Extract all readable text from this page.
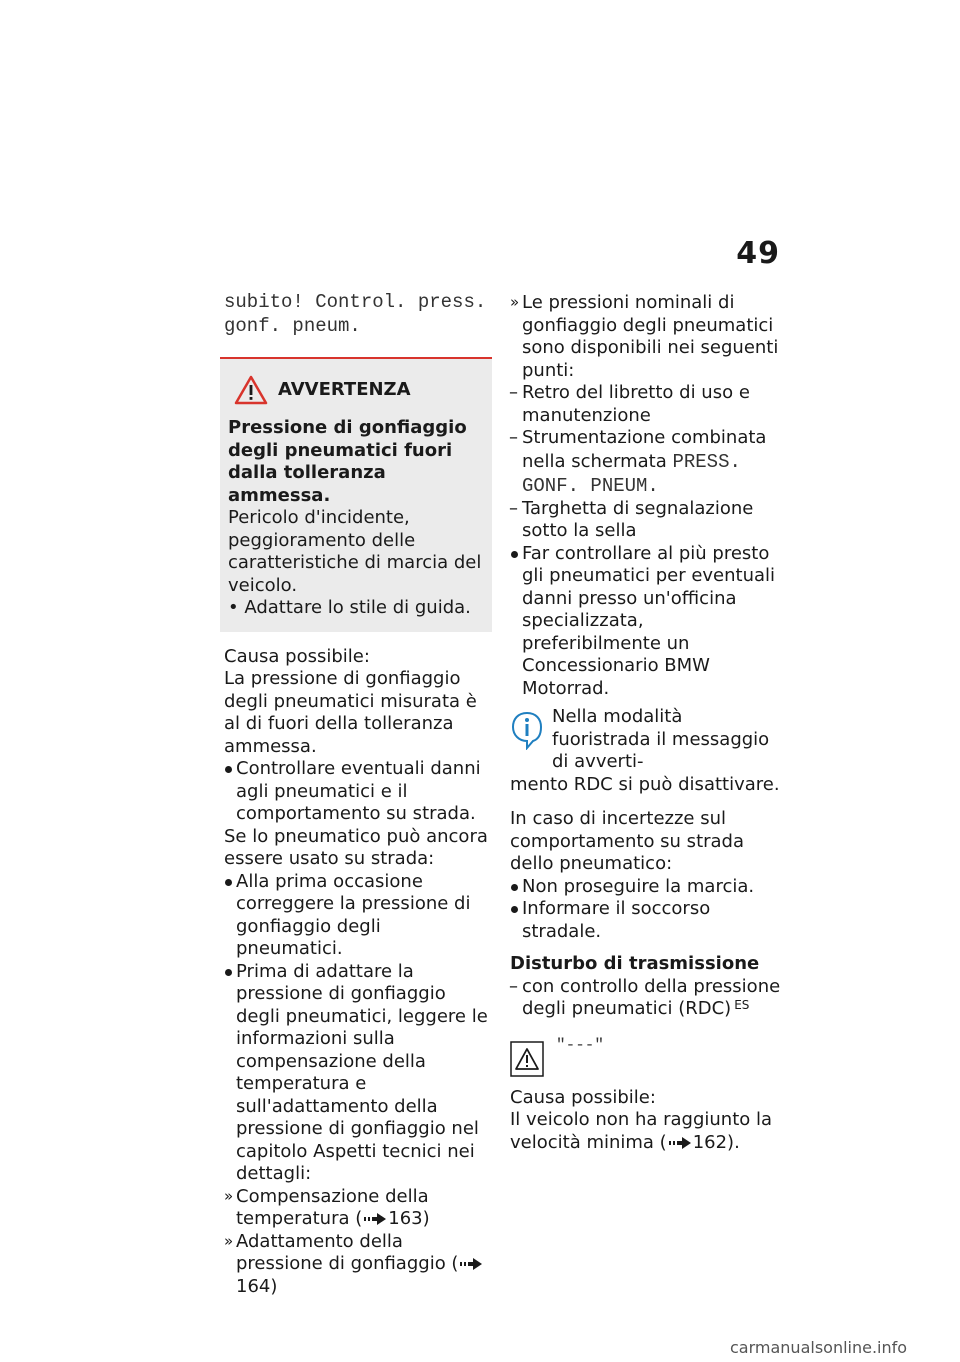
49
subito! Control. press. gonf. pneum.
AVVERTENZA

Pressione di gonfiaggio degli pneumatici fuori dalla tolleranza ammessa.

Pericolo d'incidente, peggioramento delle caratteristiche di marcia del veicolo.

• Adattare lo stile di guida.

Causa possibile:

La pressione di gonfiaggio degli pneumatici misurata è al di fuori della tolleranza ammessa.

Controllare eventuali danni agli pneumatici e il comportamento su strada.

Se lo pneumatico può ancora essere usato su strada:

Alla prima occasione correggere la pressione di gonfiaggio degli pneumatici.
Prima di adattare la pressione di gonfiaggio degli pneumatici, leggere le informazioni sulla compensazione della temperatura e sull'adattamento della pressione di gonfiaggio nel capitolo Aspetti tecnici nei dettagli:
Compensazione della temperatura ( 163)
Adattamento della pressione di gonfiaggio (164)
Le pressioni nominali di gonfiaggio degli pneumatici sono disponibili nei seguenti punti:
Retro del libretto di uso e manutenzione
Strumentazione combinata nella schermata PRESS. GONF. PNEUM.
Targhetta di segnalazione sotto la sella
Far controllare al più presto gli pneumatici per eventuali danni presso un'officina specializzata, preferibilmente un Concessionario BMW Motorrad.

Nella modalità fuoristrada il messaggio di avverti-

mento RDC si può disattivare.

In caso di incertezze sul comportamento su strada dello pneumatico:

Non proseguire la marcia.
Informare il soccorso stradale.

Disturbo di trasmissione

con controllo della pressione degli pneumatici (RDC) $^{ES}$
"---"

Causa possibile:

Il veicolo non ha raggiunto la velocità minima ( 162).

carmanualsonline.info
